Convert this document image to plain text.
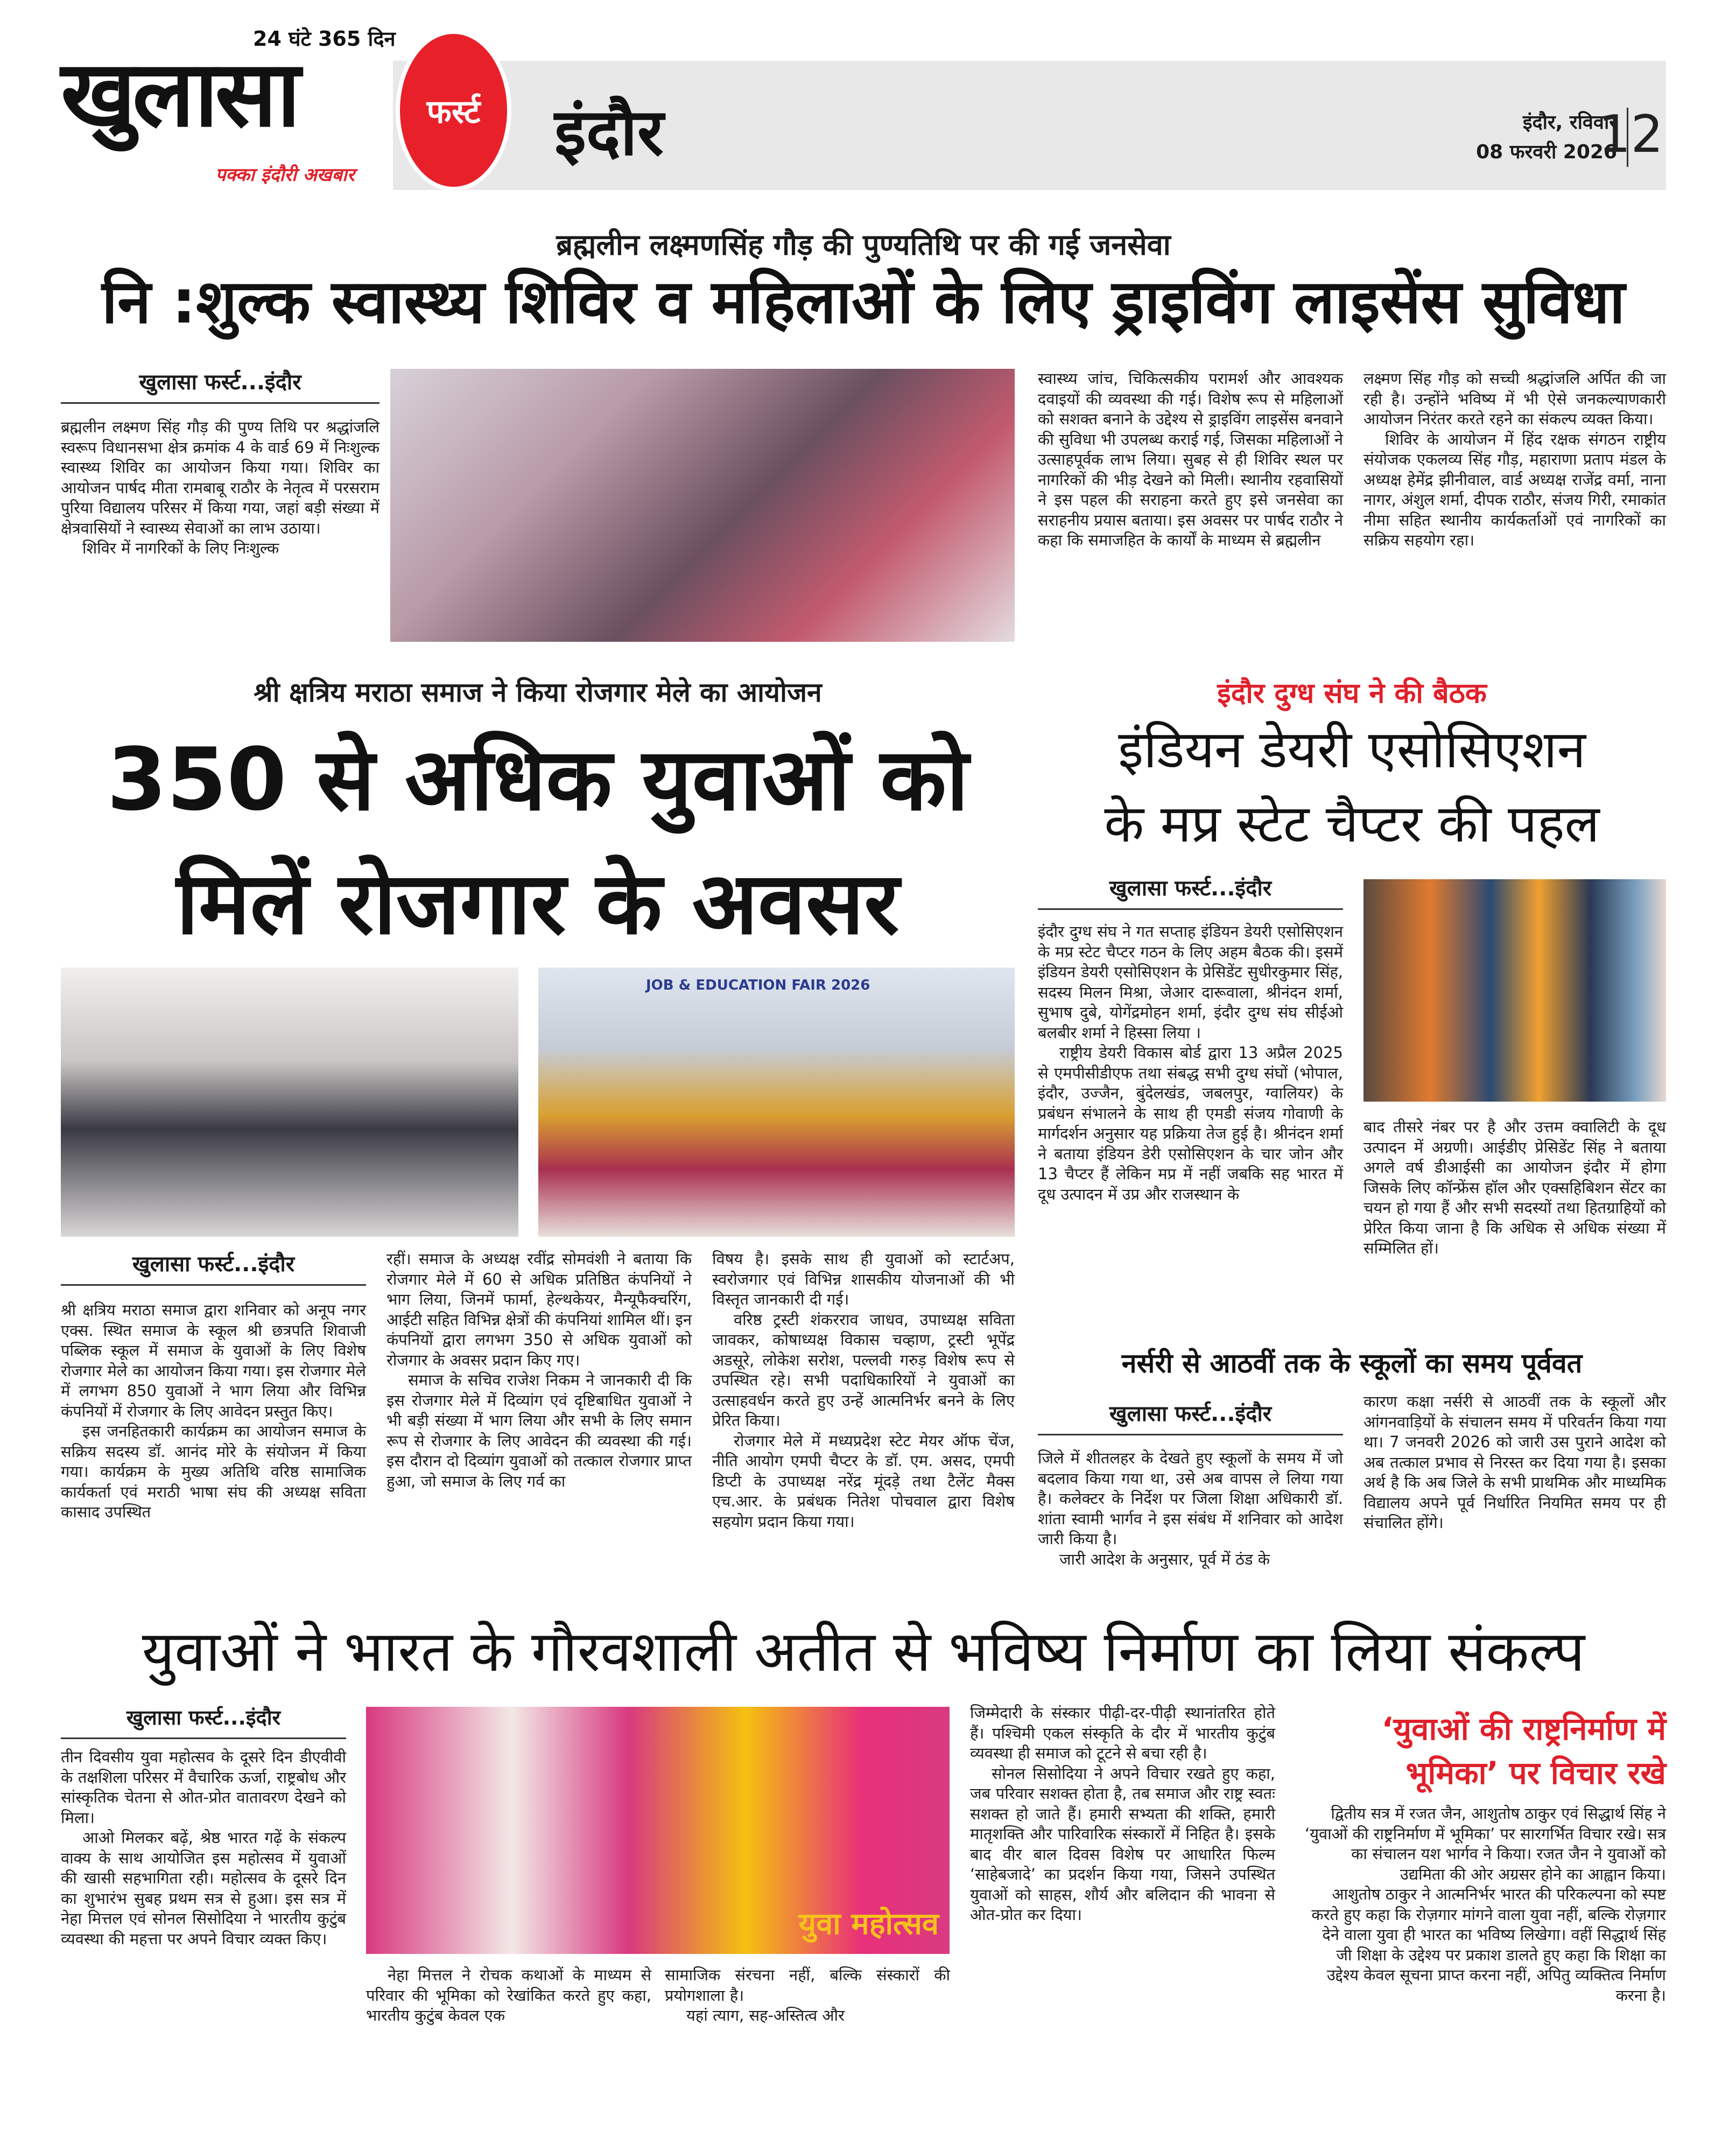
24 घंटे 365 दिन
खुलासा
पक्का इंदौरी अखबार
फर्स्ट इंदौर	इंदौर, रविवार
08 फरवरी 2026
12
ब्रह्मलीन लक्ष्मणसिंह गौड़ की पुण्यतिथि पर की गई जनसेवा
नि :शुल्क स्वास्थ्य शिविर व महिलाओं के लिए ड्राइविंग लाइसेंस सुविधा
खुलासा फर्स्ट...इंदौर

ब्रह्मलीन लक्ष्मण सिंह गौड़ की पुण्य तिथि पर श्रद्धांजलि स्वरूप विधानसभा क्षेत्र क्रमांक 4 के वार्ड 69 में निःशुल्क स्वास्थ्य शिविर का आयोजन किया गया। शिविर का आयोजन पार्षद मीता रामबाबू राठौर के नेतृत्व में परसराम पुरिया विद्यालय परिसर में किया गया, जहां बड़ी संख्या में क्षेत्रवासियों ने स्वास्थ्य सेवाओं का लाभ उठाया।

शिविर में नागरिकों के लिए निःशुल्क

स्वास्थ्य जांच, चिकित्सकीय परामर्श और आवश्यक दवाइयों की व्यवस्था की गई। विशेष रूप से महिलाओं को सशक्त बनाने के उद्देश्य से ड्राइविंग लाइसेंस बनवाने की सुविधा भी उपलब्ध कराई गई, जिसका महिलाओं ने उत्साहपूर्वक लाभ लिया। सुबह से ही शिविर स्थल पर नागरिकों की भीड़ देखने को मिली। स्थानीय रहवासियों ने इस पहल की सराहना करते हुए इसे जनसेवा का सराहनीय प्रयास बताया। इस अवसर पर पार्षद राठौर ने कहा कि समाजहित के कार्यों के माध्यम से ब्रह्मलीन

लक्ष्मण सिंह गौड़ को सच्ची श्रद्धांजलि अर्पित की जा रही है। उन्होंने भविष्य में भी ऐसे जनकल्याणकारी आयोजन निरंतर करते रहने का संकल्प व्यक्त किया।

शिविर के आयोजन में हिंद रक्षक संगठन राष्ट्रीय संयोजक एकलव्य सिंह गौड़, महाराणा प्रताप मंडल के अध्यक्ष हेमेंद्र झीनीवाल, वार्ड अध्यक्ष राजेंद्र वर्मा, नाना नागर, अंशुल शर्मा, दीपक राठौर, संजय गिरी, रमाकांत नीमा सहित स्थानीय कार्यकर्ताओं एवं नागरिकों का सक्रिय सहयोग रहा।

श्री क्षत्रिय मराठा समाज ने किया रोजगार मेले का आयोजन
350 से अधिक युवाओं को
मिलें रोजगार के अवसर
JOB & EDUCATION FAIR 2026
खुलासा फर्स्ट...इंदौर

श्री क्षत्रिय मराठा समाज द्वारा शनिवार को अनूप नगर एक्स. स्थित समाज के स्कूल श्री छत्रपति शिवाजी पब्लिक स्कूल में समाज के युवाओं के लिए विशेष रोजगार मेले का आयोजन किया गया। इस रोजगार मेले में लगभग 850 युवाओं ने भाग लिया और विभिन्न कंपनियों में रोजगार के लिए आवेदन प्रस्तुत किए।

इस जनहितकारी कार्यक्रम का आयोजन समाज के सक्रिय सदस्य डॉ. आनंद मोरे के संयोजन में किया गया। कार्यक्रम के मुख्य अतिथि वरिष्ठ सामाजिक कार्यकर्ता एवं मराठी भाषा संघ की अध्यक्ष सविता कासाद उपस्थित

रहीं। समाज के अध्यक्ष रवींद्र सोमवंशी ने बताया कि रोजगार मेले में 60 से अधिक प्रतिष्ठित कंपनियों ने भाग लिया, जिनमें फार्मा, हेल्थकेयर, मैन्यूफैक्चरिंग, आईटी सहित विभिन्न क्षेत्रों की कंपनियां शामिल थीं। इन कंपनियों द्वारा लगभग 350 से अधिक युवाओं को रोजगार के अवसर प्रदान किए गए।

समाज के सचिव राजेश निकम ने जानकारी दी कि इस रोजगार मेले में दिव्यांग एवं दृष्टिबाधित युवाओं ने भी बड़ी संख्या में भाग लिया और सभी के लिए समान रूप से रोजगार के लिए आवेदन की व्यवस्था की गई। इस दौरान दो दिव्यांग युवाओं को तत्काल रोजगार प्राप्त हुआ, जो समाज के लिए गर्व का

विषय है। इसके साथ ही युवाओं को स्टार्टअप, स्वरोजगार एवं विभिन्न शासकीय योजनाओं की भी विस्तृत जानकारी दी गई।

वरिष्ठ ट्रस्टी शंकरराव जाधव, उपाध्यक्ष सविता जावकर, कोषाध्यक्ष विकास चव्हाण, ट्रस्टी भूपेंद्र अडसूरे, लोकेश सरोश, पल्लवी गरुड़ विशेष रूप से उपस्थित रहे। सभी पदाधिकारियों ने युवाओं का उत्साहवर्धन करते हुए उन्हें आत्मनिर्भर बनने के लिए प्रेरित किया।

रोजगार मेले में मध्यप्रदेश स्टेट मेयर ऑफ चेंज, नीति आयोग एमपी चैप्टर के डॉ. एम. असद, एमपी डिप्टी के उपाध्यक्ष नरेंद्र मूंदड़े तथा टैलेंट मैक्स एच.आर. के प्रबंधक नितेश पोचवाल द्वारा विशेष सहयोग प्रदान किया गया।

इंदौर दुग्ध संघ ने की बैठक
इंडियन डेयरी एसोसिएशन
के मप्र स्टेट चैप्टर की पहल
खुलासा फर्स्ट...इंदौर

इंदौर दुग्ध संघ ने गत सप्ताह इंडियन डेयरी एसोसिएशन के मप्र स्टेट चैप्टर गठन के लिए अहम बैठक की। इसमें इंडियन डेयरी एसोसिएशन के प्रेसिडेंट सुधीरकुमार सिंह, सदस्य मिलन मिश्रा, जेआर दारूवाला, श्रीनंदन शर्मा, सुभाष दुबे, योगेंद्रमोहन शर्मा, इंदौर दुग्ध संघ सीईओ बलबीर शर्मा ने हिस्सा लिया ।

राष्ट्रीय डेयरी विकास बोर्ड द्वारा 13 अप्रैल 2025 से एमपीसीडीएफ तथा संबद्ध सभी दुग्ध संघों (भोपाल, इंदौर, उज्जैन, बुंदेलखंड, जबलपुर, ग्वालियर) के प्रबंधन संभालने के साथ ही एमडी संजय गोवाणी के मार्गदर्शन अनुसार यह प्रक्रिया तेज हुई है। श्रीनंदन शर्मा ने बताया इंडियन डेरी एसोसिएशन के चार जोन और 13 चैप्टर हैं लेकिन मप्र में नहीं जबकि सह भारत में दूध उत्पादन में उप्र और राजस्थान के

बाद तीसरे नंबर पर है और उत्तम क्वालिटी के दूध उत्पादन में अग्रणी। आईडीए प्रेसिडेंट सिंह ने बताया अगले वर्ष डीआईसी का आयोजन इंदौर में होगा जिसके लिए कॉन्फ्रेंस हॉल और एक्सहिबिशन सेंटर का चयन हो गया हैं और सभी सदस्यों तथा हितग्राहियों को प्रेरित किया जाना है कि अधिक से अधिक संख्या में सम्मिलित हों।

नर्सरी से आठवीं तक के स्कूलों का समय पूर्ववत
खुलासा फर्स्ट...इंदौर

जिले में शीतलहर के देखते हुए स्कूलों के समय में जो बदलाव किया गया था, उसे अब वापस ले लिया गया है। कलेक्टर के निर्देश पर जिला शिक्षा अधिकारी डॉ. शांता स्वामी भार्गव ने इस संबंध में शनिवार को आदेश जारी किया है।

जारी आदेश के अनुसार, पूर्व में ठंड के

कारण कक्षा नर्सरी से आठवीं तक के स्कूलों और आंगनवाड़ियों के संचालन समय में परिवर्तन किया गया था। 7 जनवरी 2026 को जारी उस पुराने आदेश को अब तत्काल प्रभाव से निरस्त कर दिया गया है। इसका अर्थ है कि अब जिले के सभी प्राथमिक और माध्यमिक विद्यालय अपने पूर्व निर्धारित नियमित समय पर ही संचालित होंगे।

युवाओं ने भारत के गौरवशाली अतीत से भविष्य निर्माण का लिया संकल्प
खुलासा फर्स्ट...इंदौर

तीन दिवसीय युवा महोत्सव के दूसरे दिन डीएवीवी के तक्षशिला परिसर में वैचारिक ऊर्जा, राष्ट्रबोध और सांस्कृतिक चेतना से ओत-प्रोत वातावरण देखने को मिला।

आओ मिलकर बढ़ें, श्रेष्ठ भारत गढ़ें के संकल्प वाक्य के साथ आयोजित इस महोत्सव में युवाओं की खासी सहभागिता रही। महोत्सव के दूसरे दिन का शुभारंभ सुबह प्रथम सत्र से हुआ। इस सत्र में नेहा मित्तल एवं सोनल सिसोदिया ने भारतीय कुटुंब व्यवस्था की महत्ता पर अपने विचार व्यक्त किए।	युवा महोत्सव

नेहा मित्तल ने रोचक कथाओं के माध्यम से परिवार की भूमिका को रेखांकित करते हुए कहा, भारतीय कुटुंब केवल एक

सामाजिक संरचना नहीं, बल्कि संस्कारों की प्रयोगशाला है।

यहां त्याग, सह-अस्तित्व और

जिम्मेदारी के संस्कार पीढ़ी-दर-पीढ़ी स्थानांतरित होते हैं। पश्चिमी एकल संस्कृति के दौर में भारतीय कुटुंब व्यवस्था ही समाज को टूटने से बचा रही है।

सोनल सिसोदिया ने अपने विचार रखते हुए कहा, जब परिवार सशक्त होता है, तब समाज और राष्ट्र स्वतः सशक्त हो जाते हैं। हमारी सभ्यता की शक्ति, हमारी मातृशक्ति और पारिवारिक संस्कारों में निहित है। इसके बाद वीर बाल दिवस विशेष पर आधारित फिल्म ‘साहेबजादे’ का प्रदर्शन किया गया, जिसने उपस्थित युवाओं को साहस, शौर्य और बलिदान की भावना से ओत-प्रोत कर दिया।

‘युवाओं की राष्ट्रनिर्माण में
भूमिका’ पर विचार रखे

द्वितीय सत्र में रजत जैन, आशुतोष ठाकुर एवं सिद्धार्थ सिंह ने ‘युवाओं की राष्ट्रनिर्माण में भूमिका’ पर सारगर्भित विचार रखे। सत्र का संचालन यश भार्गव ने किया। रजत जैन ने युवाओं को उद्यमिता की ओर अग्रसर होने का आह्वान किया।

आशुतोष ठाकुर ने आत्मनिर्भर भारत की परिकल्पना को स्पष्ट करते हुए कहा कि रोज़गार मांगने वाला युवा नहीं, बल्कि रोज़गार देने वाला युवा ही भारत का भविष्य लिखेगा। वहीं सिद्धार्थ सिंह जी शिक्षा के उद्देश्य पर प्रकाश डालते हुए कहा कि शिक्षा का उद्देश्य केवल सूचना प्राप्त करना नहीं, अपितु व्यक्तित्व निर्माण करना है।
